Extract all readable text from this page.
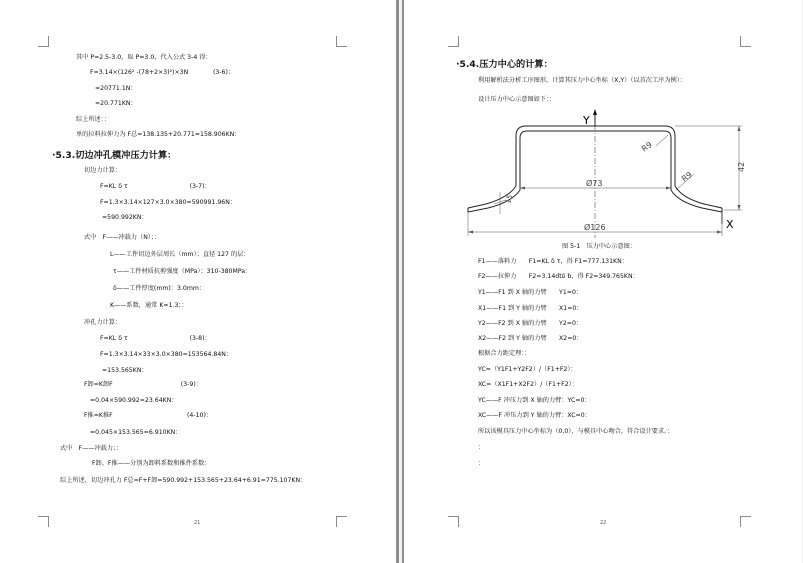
其中 P=2.5-3.0，取 P=3.0，代入公式 3-4 得：
F=3.14×(126² -(78+2×3)²)×3N　　　　(3-6)：
=20771.1N：
≈20.771KN：
综上所述：：
单的拉料拉伸力为 F总=138.135+20.771=158.906KN：
·5.3.切边冲孔模冲压力计算：
切边力计算：
F=KL δ τ　　　　　　　　　　(3-7)：
F=1.3×3.14×127×3.0×380=590991.96N：
=590.992KN：
式中　F——冲载力（N）；：
L——工件切边外层周长（mm）；直径 127 的层：
τ——工件材质抗剪强度（MPa）；310-380MPa：
δ——工件厚度(mm)：3.0mm：
K——系数，通常 K=1.3；：
冲孔力计算：
F=KL δ τ　　　　　　　　　　(3-8)：
F=1.3×3.14×33×3.0×380=153564.84N：
=153.565KN：
F卸=K卸F　　　　　　　　　　　(3-9)：
=0.04×590.992=23.64KN：
F推=K推F　　　　　　　　　　　　(4-10)：
=0.045×153.565=6.910KN：
式中　F——冲载力；：
F卸、F推——分别为卸料系数和推件系数：
综上所述，切边冲孔力 F总=F+F卸=590.992+153.565+23.64+6.91=775.107KN：
21
·5.4.压力中心的计算：
利用解析法分析工序图形，计算其压力中心坐标（X,Y）（以首次工序为例）：
设计压力中心示意图如下：：
Y
X
R9
R9
Ø73
Ø126
42
15
图 5-1　压力中心示意图：
F1——落料力　　F1=KL δ τ，得 F1=777.131KN：
F2——拉伸力　　F2=3.14dtδ b，得 F2=349.765KN：
Y1——F1 到 X 轴的力臂　　Y1=0：
X1——F1 到 Y 轴的力臂　　X1=0：
Y2——F2 到 X 轴的力臂　　Y2=0：
X2——F2 到 Y 轴的力臂　　X2=0：
根据合力距定理：：
YC=（Y1F1+Y2F2）/（F1+F2）：
XC=（X1F1+X2F2）/（F1+F2）：
YC——F 冲压力到 X 轴的力臂：YC=0：
XC——F 冲压力到 Y 轴的力臂：XC=0：
所以该模具压力中心坐标为（0,0），与模具中心吻合，符合设计要求。：
：
：
22
